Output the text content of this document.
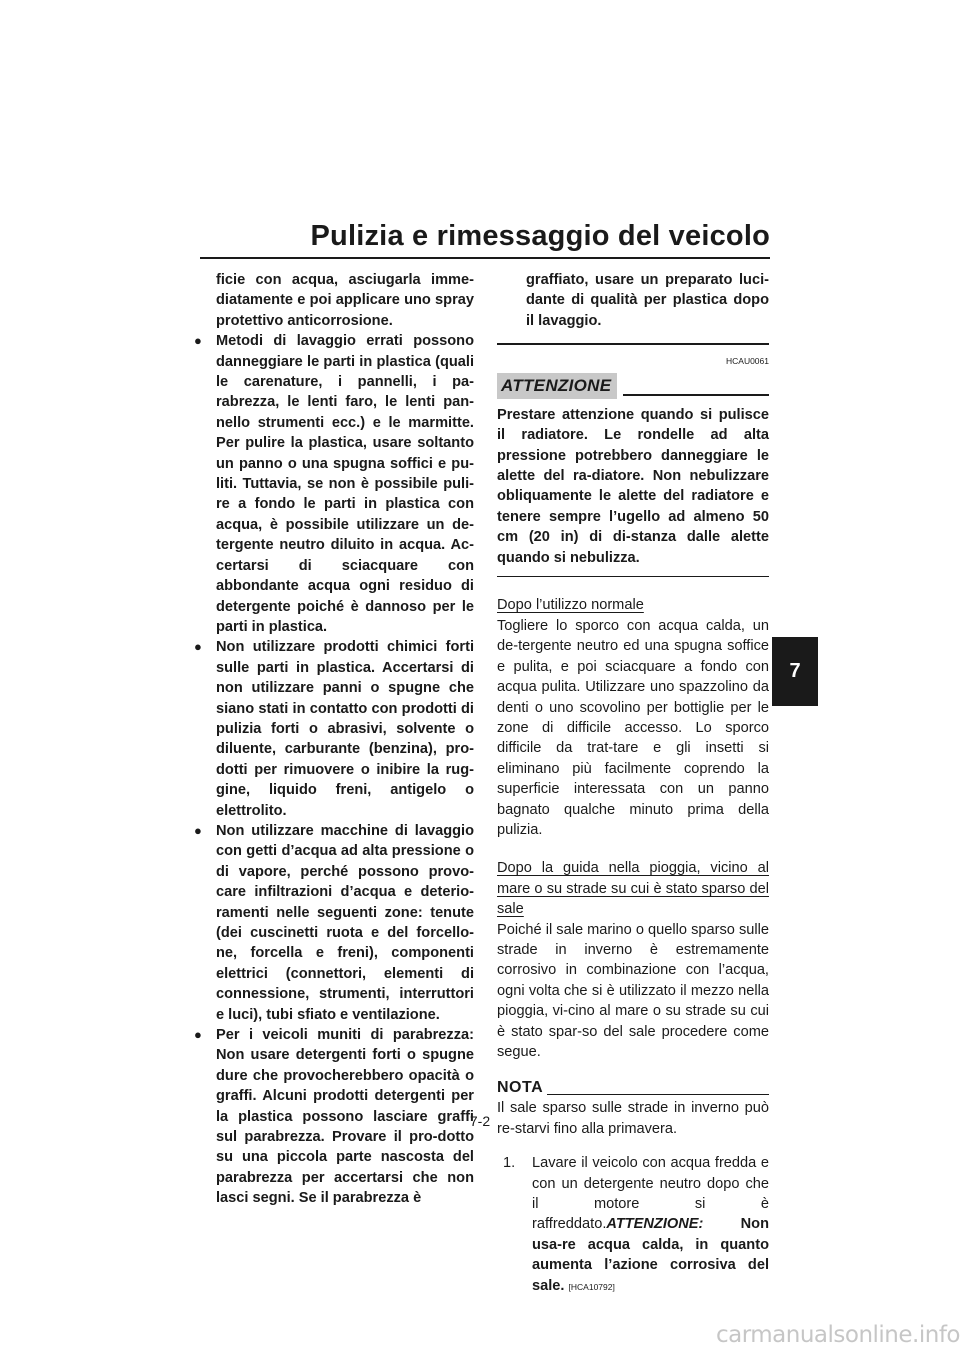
Pulizia e rimessaggio del veicolo
ficie con acqua, asciugarla imme-diatamente e poi applicare uno spray protettivo anticorrosione.
● Metodi di lavaggio errati possono danneggiare le parti in plastica (quali le carenature, i pannelli, i pa-rabrezza, le lenti faro, le lenti pan-nello strumenti ecc.) e le marmitte. Per pulire la plastica, usare soltanto un panno o una spugna soffici e pu-liti. Tuttavia, se non è possibile puli-re a fondo le parti in plastica con acqua, è possibile utilizzare un de-tergente neutro diluito in acqua. Ac-certarsi di sciacquare con abbondante acqua ogni residuo di detergente poiché è dannoso per le parti in plastica.
● Non utilizzare prodotti chimici forti sulle parti in plastica. Accertarsi di non utilizzare panni o spugne che siano stati in contatto con prodotti di pulizia forti o abrasivi, solvente o diluente, carburante (benzina), pro-dotti per rimuovere o inibire la rug-gine, liquido freni, antigelo o elettrolito.
● Non utilizzare macchine di lavaggio con getti d’acqua ad alta pressione o di vapore, perché possono provo-care infiltrazioni d’acqua e deterio-ramenti nelle seguenti zone: tenute (dei cuscinetti ruota e del forcello-ne, forcella e freni), componenti elettrici (connettori, elementi di connessione, strumenti, interruttori e luci), tubi sfiato e ventilazione.
● Per i veicoli muniti di parabrezza: Non usare detergenti forti o spugne dure che provocherebbero opacità o graffi. Alcuni prodotti detergenti per la plastica possono lasciare graffi sul parabrezza. Provare il pro-dotto su una piccola parte nascosta del parabrezza per accertarsi che non lasci segni. Se il parabrezza è
graffiato, usare un preparato luci-dante di qualità per plastica dopo il lavaggio.
HCAU0061
ATTENZIONE
Prestare attenzione quando si pulisce il radiatore. Le rondelle ad alta pressione potrebbero danneggiare le alette del ra-diatore. Non nebulizzare obliquamente le alette del radiatore e tenere sempre l’ugello ad almeno 50 cm (20 in) di di-stanza dalle alette quando si nebulizza.
Dopo l’utilizzo normale
Togliere lo sporco con acqua calda, un de-tergente neutro ed una spugna soffice e pulita, e poi sciacquare a fondo con acqua pulita. Utilizzare uno spazzolino da denti o uno scovolino per bottiglie per le zone di difficile accesso. Lo sporco difficile da trat-tare e gli insetti si eliminano più facilmente coprendo la superficie interessata con un panno bagnato qualche minuto prima della pulizia.
Dopo la guida nella pioggia, vicino al mare o su strade su cui è stato sparso del sale
Poiché il sale marino o quello sparso sulle strade in inverno è estremamente corrosivo in combinazione con l’acqua, ogni volta che si è utilizzato il mezzo nella pioggia, vi-cino al mare o su strade su cui è stato spar-so del sale procedere come segue.
NOTA
Il sale sparso sulle strade in inverno può re-starvi fino alla primavera.
1. Lavare il veicolo con acqua fredda e con un detergente neutro dopo che il motore si è raffreddato.ATTENZIONE: Non usa-re acqua calda, in quanto aumenta l’azione corrosiva del sale. [HCA10792]
7
7-2
carmanualsonline.info
